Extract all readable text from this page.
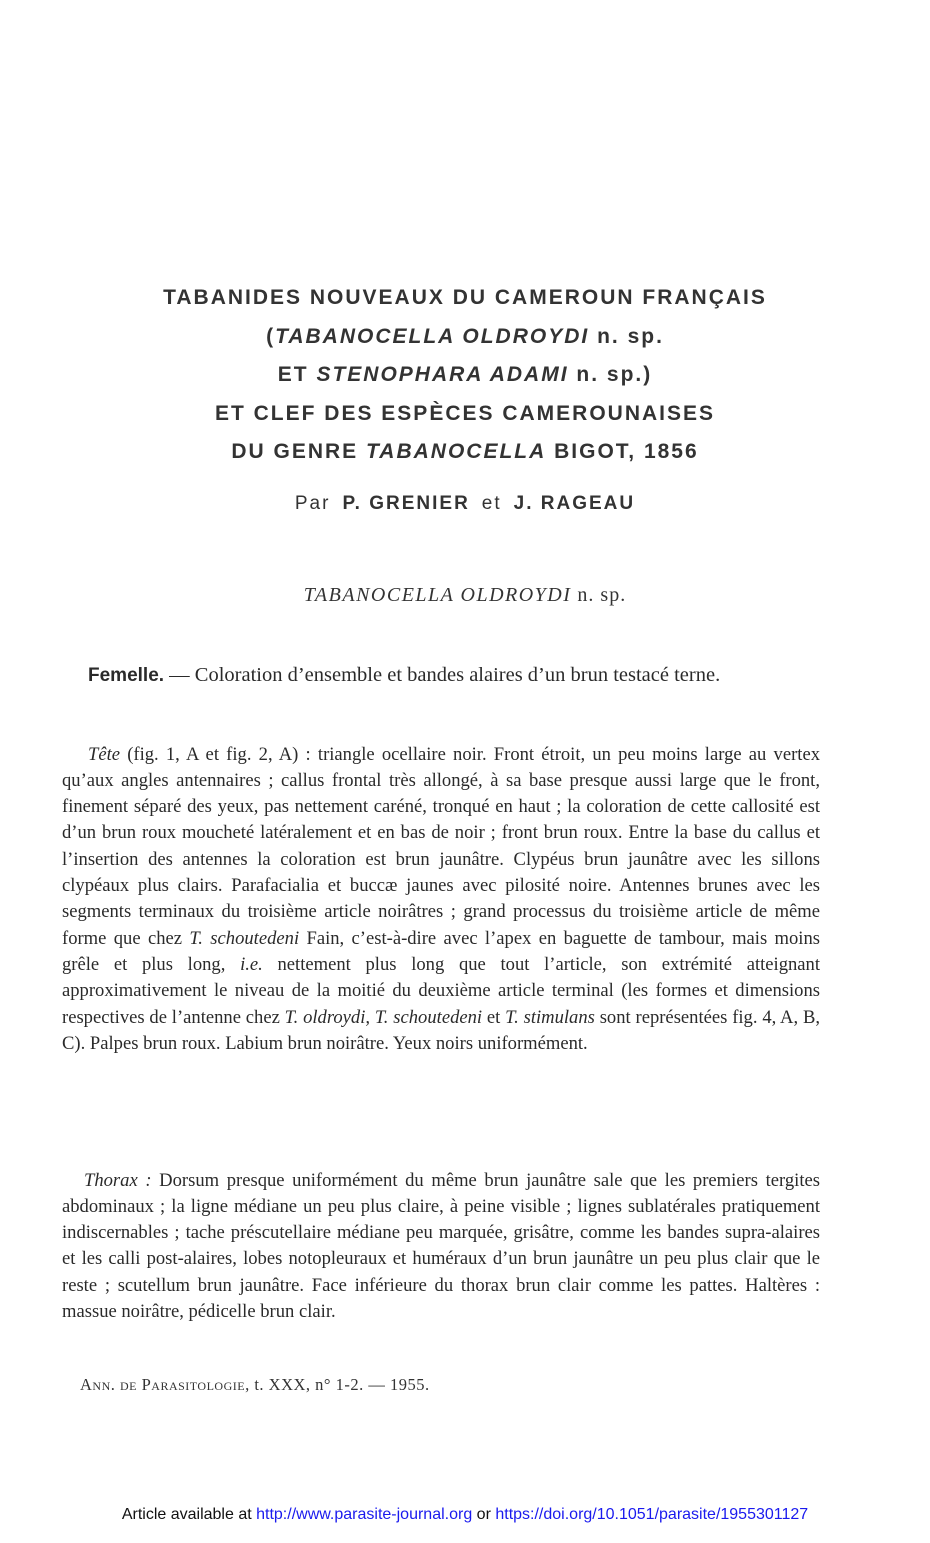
TABANIDES NOUVEAUX DU CAMEROUN FRANÇAIS
(TABANOCELLA OLDROYDI n. sp.
ET STENOPHARA ADAMI n. sp.)
ET CLEF DES ESPÈCES CAMEROUNAISES
DU GENRE TABANOCELLA BIGOT, 1856
Par P. GRENIER et J. RAGEAU
TABANOCELLA OLDROYDI n. sp.

Femelle. — Coloration d’ensemble et bandes alaires d’un brun testacé terne.

Tête (fig. 1, A et fig. 2, A) : triangle ocellaire noir. Front étroit, un peu moins large au vertex qu’aux angles antennaires ; callus frontal très allongé, à sa base presque aussi large que le front, finement séparé des yeux, pas nettement caréné, tronqué en haut ; la coloration de cette callosité est d’un brun roux moucheté latéralement et en bas de noir ; front brun roux. Entre la base du callus et l’insertion des antennes la coloration est brun jaunâtre. Clypéus brun jaunâtre avec les sillons clypéaux plus clairs. Parafacialia et buccæ jaunes avec pilosité noire. Antennes brunes avec les segments terminaux du troisième article noirâtres ; grand processus du troisième article de même forme que chez T. schoutedeni Fain, c’est-à-dire avec l’apex en baguette de tambour, mais moins grêle et plus long, i.e. nettement plus long que tout l’article, son extrémité atteignant approximativement le niveau de la moitié du deuxième article terminal (les formes et dimensions respectives de l’antenne chez T. oldroydi, T. schoutedeni et T. stimulans sont représentées fig. 4, A, B, C). Palpes brun roux. Labium brun noirâtre. Yeux noirs uniformément.

Thorax : Dorsum presque uniformément du même brun jaunâtre sale que les premiers tergites abdominaux ; la ligne médiane un peu plus claire, à peine visible ; lignes sublatérales pratiquement indiscernables ; tache préscutellaire médiane peu marquée, grisâtre, comme les bandes supra-alaires et les calli post-alaires, lobes notopleuraux et huméraux d’un brun jaunâtre un peu plus clair que le reste ; scutellum brun jaunâtre. Face inférieure du thorax brun clair comme les pattes. Haltères : massue noirâtre, pédicelle brun clair.

Ann. de Parasitologie, t. XXX, n° 1-2. — 1955.
Article available at http://www.parasite-journal.org or https://doi.org/10.1051/parasite/1955301127
